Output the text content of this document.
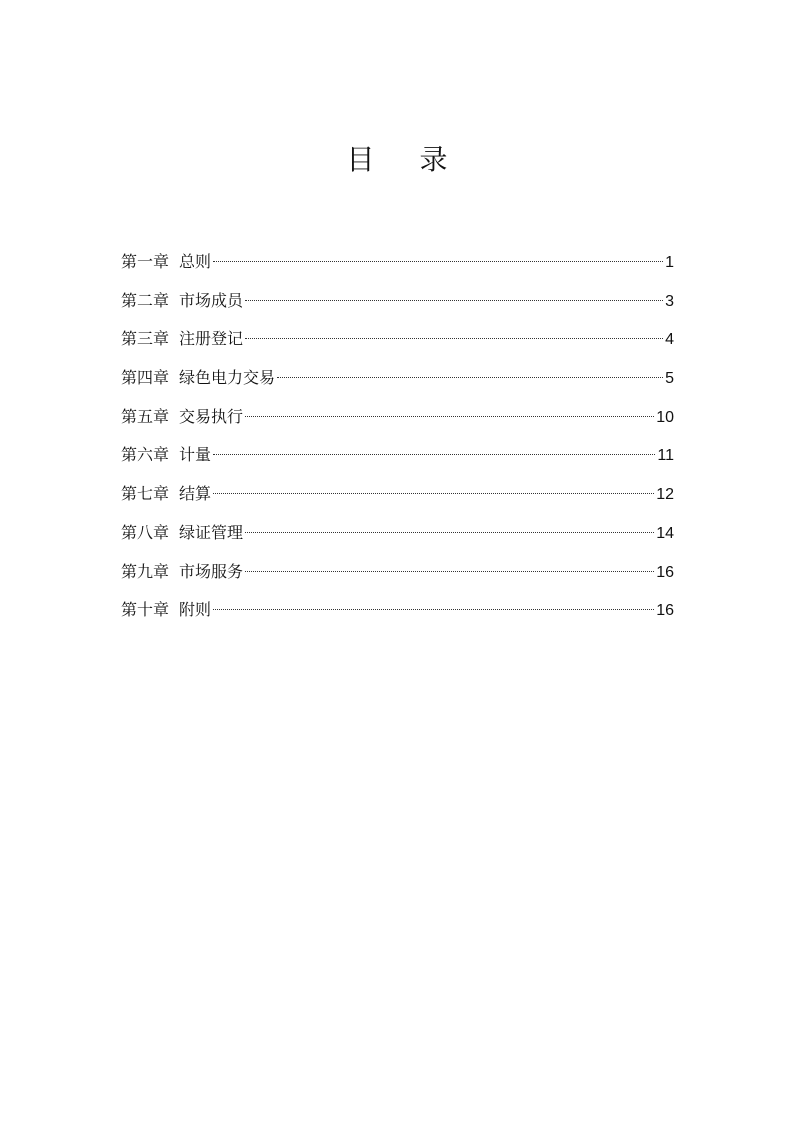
目 录
第一章 总则	1
第二章 市场成员	3
第三章 注册登记	4
第四章 绿色电力交易	5
第五章 交易执行	10
第六章 计量	11
第七章 结算	12
第八章 绿证管理	14
第九章 市场服务	16
第十章 附则	16
